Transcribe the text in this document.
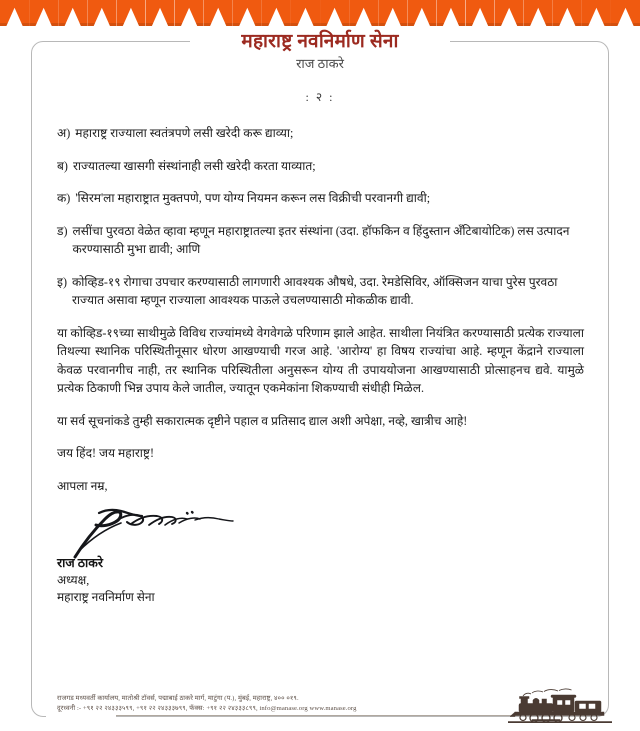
महाराष्ट्र नवनिर्माण सेना
राज ठाकरे
: २ :
अ) महाराष्ट्र राज्याला स्वतंत्रपणे लसी खरेदी करू द्याव्या;
ब) राज्यातल्या खासगी संस्थांनाही लसी खरेदी करता याव्यात;
क) 'सिरम'ला महाराष्ट्रात मुक्तपणे, पण योग्य नियमन करून लस विक्रीची परवानगी द्यावी;
ड) लसींचा पुरवठा वेळेत व्हावा म्हणून महाराष्ट्रातल्या इतर संस्थांना (उदा. हॉफकिन व हिंदुस्तान अँटिबायोटिक) लस उत्पादन करण्यासाठी मुभा द्यावी; आणि
इ) कोव्हिड-१९ रोगाचा उपचार करण्यासाठी लागणारी आवश्यक औषधे, उदा. रेमडेसिविर, ऑक्सिजन याचा पुरेस पुरवठा राज्यात असावा म्हणून राज्याला आवश्यक पाऊले उचलण्यासाठी मोकळीक द्यावी.
या कोव्हिड-१९च्या साथीमुळे विविध राज्यांमध्ये वेगवेगळे परिणाम झाले आहेत. साथीला नियंत्रित करण्यासाठी प्रत्येक राज्याला तिथल्या स्थानिक परिस्थितीनूसार धोरण आखण्याची गरज आहे. 'आरोग्य' हा विषय राज्यांचा आहे. म्हणून केंद्राने राज्याला केवळ परवानगीच नाही, तर स्थानिक परिस्थितीला अनुसरून योग्य ती उपाययोजना आखण्यासाठी प्रोत्साहनच द्यवे. यामुळे प्रत्येक ठिकाणी भिन्न उपाय केले जातील, ज्यातून एकमेकांना शिकण्याची संधीही मिळेल.
या सर्व सूचनांकडे तुम्ही सकारात्मक दृष्टीने पहाल व प्रतिसाद द्याल अशी अपेक्षा, नव्हे, खात्रीच आहे!
जय हिंद! जय महाराष्ट्र!
आपला नम्र,
राज ठाकरे
अध्यक्ष,
महाराष्ट्र नवनिर्माण सेना
राजगड मध्यवर्ती कार्यालय, मातोश्री टॉवर्स, पद्माबाई ठाकरे मार्ग, माटुंगा (प.), मुंबई, महाराष्ट्र, ४०० ०१९.
दूरध्वनी :- +९१ २२ २४३३३५९९, +९१ २२ २४३३३७९९, फॅक्स: +९१ २२ २४३३३८९९, info@manase.org www.manase.org
